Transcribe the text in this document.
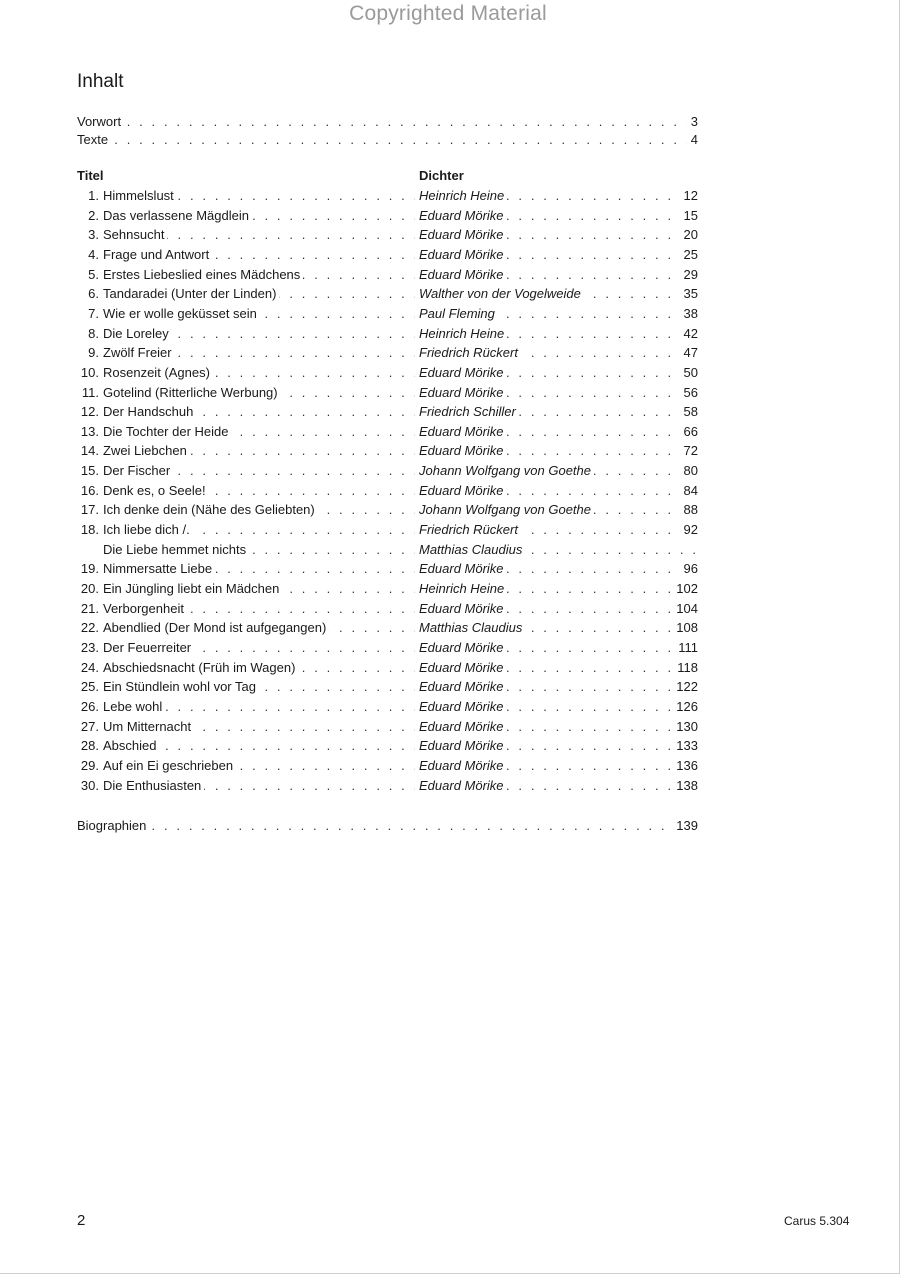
Copyrighted Material
Inhalt
. . .
Vorwort	3
. . .
Texte	4
Titel	Dichter
. . .
. . .
1. Himmelslust	Heinrich Heine	12
. . .
. . .
2. Das verlassene Mägdlein	Eduard Mörike	15
. . .
. . .
3. Sehnsucht	Eduard Mörike	20
. . .
. . .
4. Frage und Antwort	Eduard Mörike	25
. . .
. . .
5. Erstes Liebeslied eines Mädchens	Eduard Mörike	29
. . .
. . .
6. Tandaradei (Unter der Linden)	Walther von der Vogelweide	35
. . .
. . .
7. Wie er wolle geküsset sein	Paul Fleming	38
. . .
. . .
8. Die Loreley	Heinrich Heine	42
. . .
. . .
9. Zwölf Freier	Friedrich Rückert	47
. . .
. . .
10. Rosenzeit (Agnes)	Eduard Mörike	50
. . .
. . .
11. Gotelind (Ritterliche Werbung)	Eduard Mörike	56
. . .
. . .
12. Der Handschuh	Friedrich Schiller	58
. . .
. . .
13. Die Tochter der Heide	Eduard Mörike	66
. . .
. . .
14. Zwei Liebchen	Eduard Mörike	72
. . .
. . .
15. Der Fischer	Johann Wolfgang von Goethe	80
. . .
. . .
16. Denk es, o Seele!	Eduard Mörike	84
. . .
. . .
17. Ich denke dein (Nähe des Geliebten)	Johann Wolfgang von Goethe	88
. . .
. . .
18. Ich liebe dich /.	Friedrich Rückert	92
. . .
. . .
Die Liebe hemmet nichts	Matthias Claudius
. . .
. . .
19. Nimmersatte Liebe	Eduard Mörike	96
. . .
. . .
20. Ein Jüngling liebt ein Mädchen	Heinrich Heine	102
. . .
. . .
21. Verborgenheit	Eduard Mörike	104
. . .
. . .
22. Abendlied (Der Mond ist aufgegangen)	Matthias Claudius	108
. . .
. . .
23. Der Feuerreiter	Eduard Mörike	111
. . .
. . .
24. Abschiedsnacht (Früh im Wagen)	Eduard Mörike	118
. . .
. . .
25. Ein Stündlein wohl vor Tag	Eduard Mörike	122
. . .
. . .
26. Lebe wohl	Eduard Mörike	126
. . .
. . .
27. Um Mitternacht	Eduard Mörike	130
. . .
. . .
28. Abschied	Eduard Mörike	133
. . .
. . .
29. Auf ein Ei geschrieben	Eduard Mörike	136
. . .
. . .
30. Die Enthusiasten	Eduard Mörike	138
. . .
Biographien	139
2	Carus 5.304
